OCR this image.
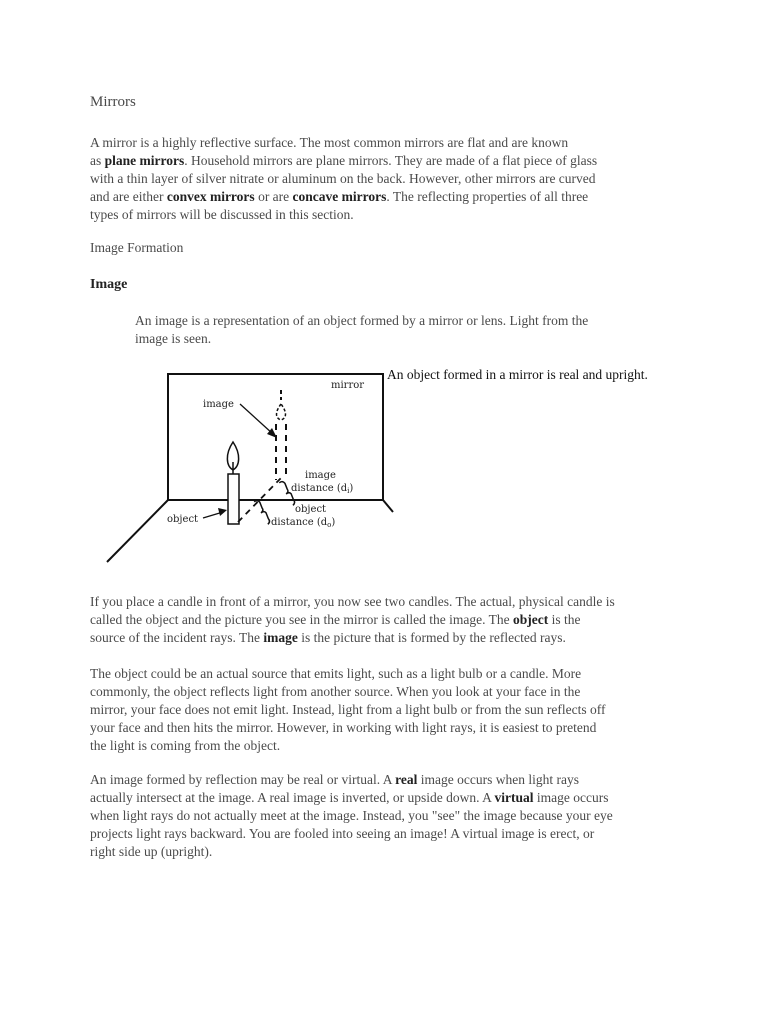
Mirrors

A mirror is a highly reflective surface. The most common mirrors are flat and are known
as plane mirrors. Household mirrors are plane mirrors. They are made of a flat piece of glass
with a thin layer of silver nitrate or aluminum on the back. However, other mirrors are curved
and are either convex mirrors or are concave mirrors. The reflecting properties of all three
types of mirrors will be discussed in this section.

Image Formation

Image

An image is a representation of an object formed by a mirror or lens. Light from the
image is seen.

An object formed in a mirror is real and upright.

image
mirror
object
image
distance $(d_i)$
object
distance $(d_o)$

If you place a candle in front of a mirror, you now see two candles. The actual, physical candle is
called the object and the picture you see in the mirror is called the image. The object is the
source of the incident rays. The image is the picture that is formed by the reflected rays.

The object could be an actual source that emits light, such as a light bulb or a candle. More
commonly, the object reflects light from another source. When you look at your face in the
mirror, your face does not emit light. Instead, light from a light bulb or from the sun reflects off
your face and then hits the mirror. However, in working with light rays, it is easiest to pretend
the light is coming from the object.

An image formed by reflection may be real or virtual. A real image occurs when light rays
actually intersect at the image. A real image is inverted, or upside down. A virtual image occurs
when light rays do not actually meet at the image. Instead, you "see" the image because your eye
projects light rays backward. You are fooled into seeing an image! A virtual image is erect, or
right side up (upright).
